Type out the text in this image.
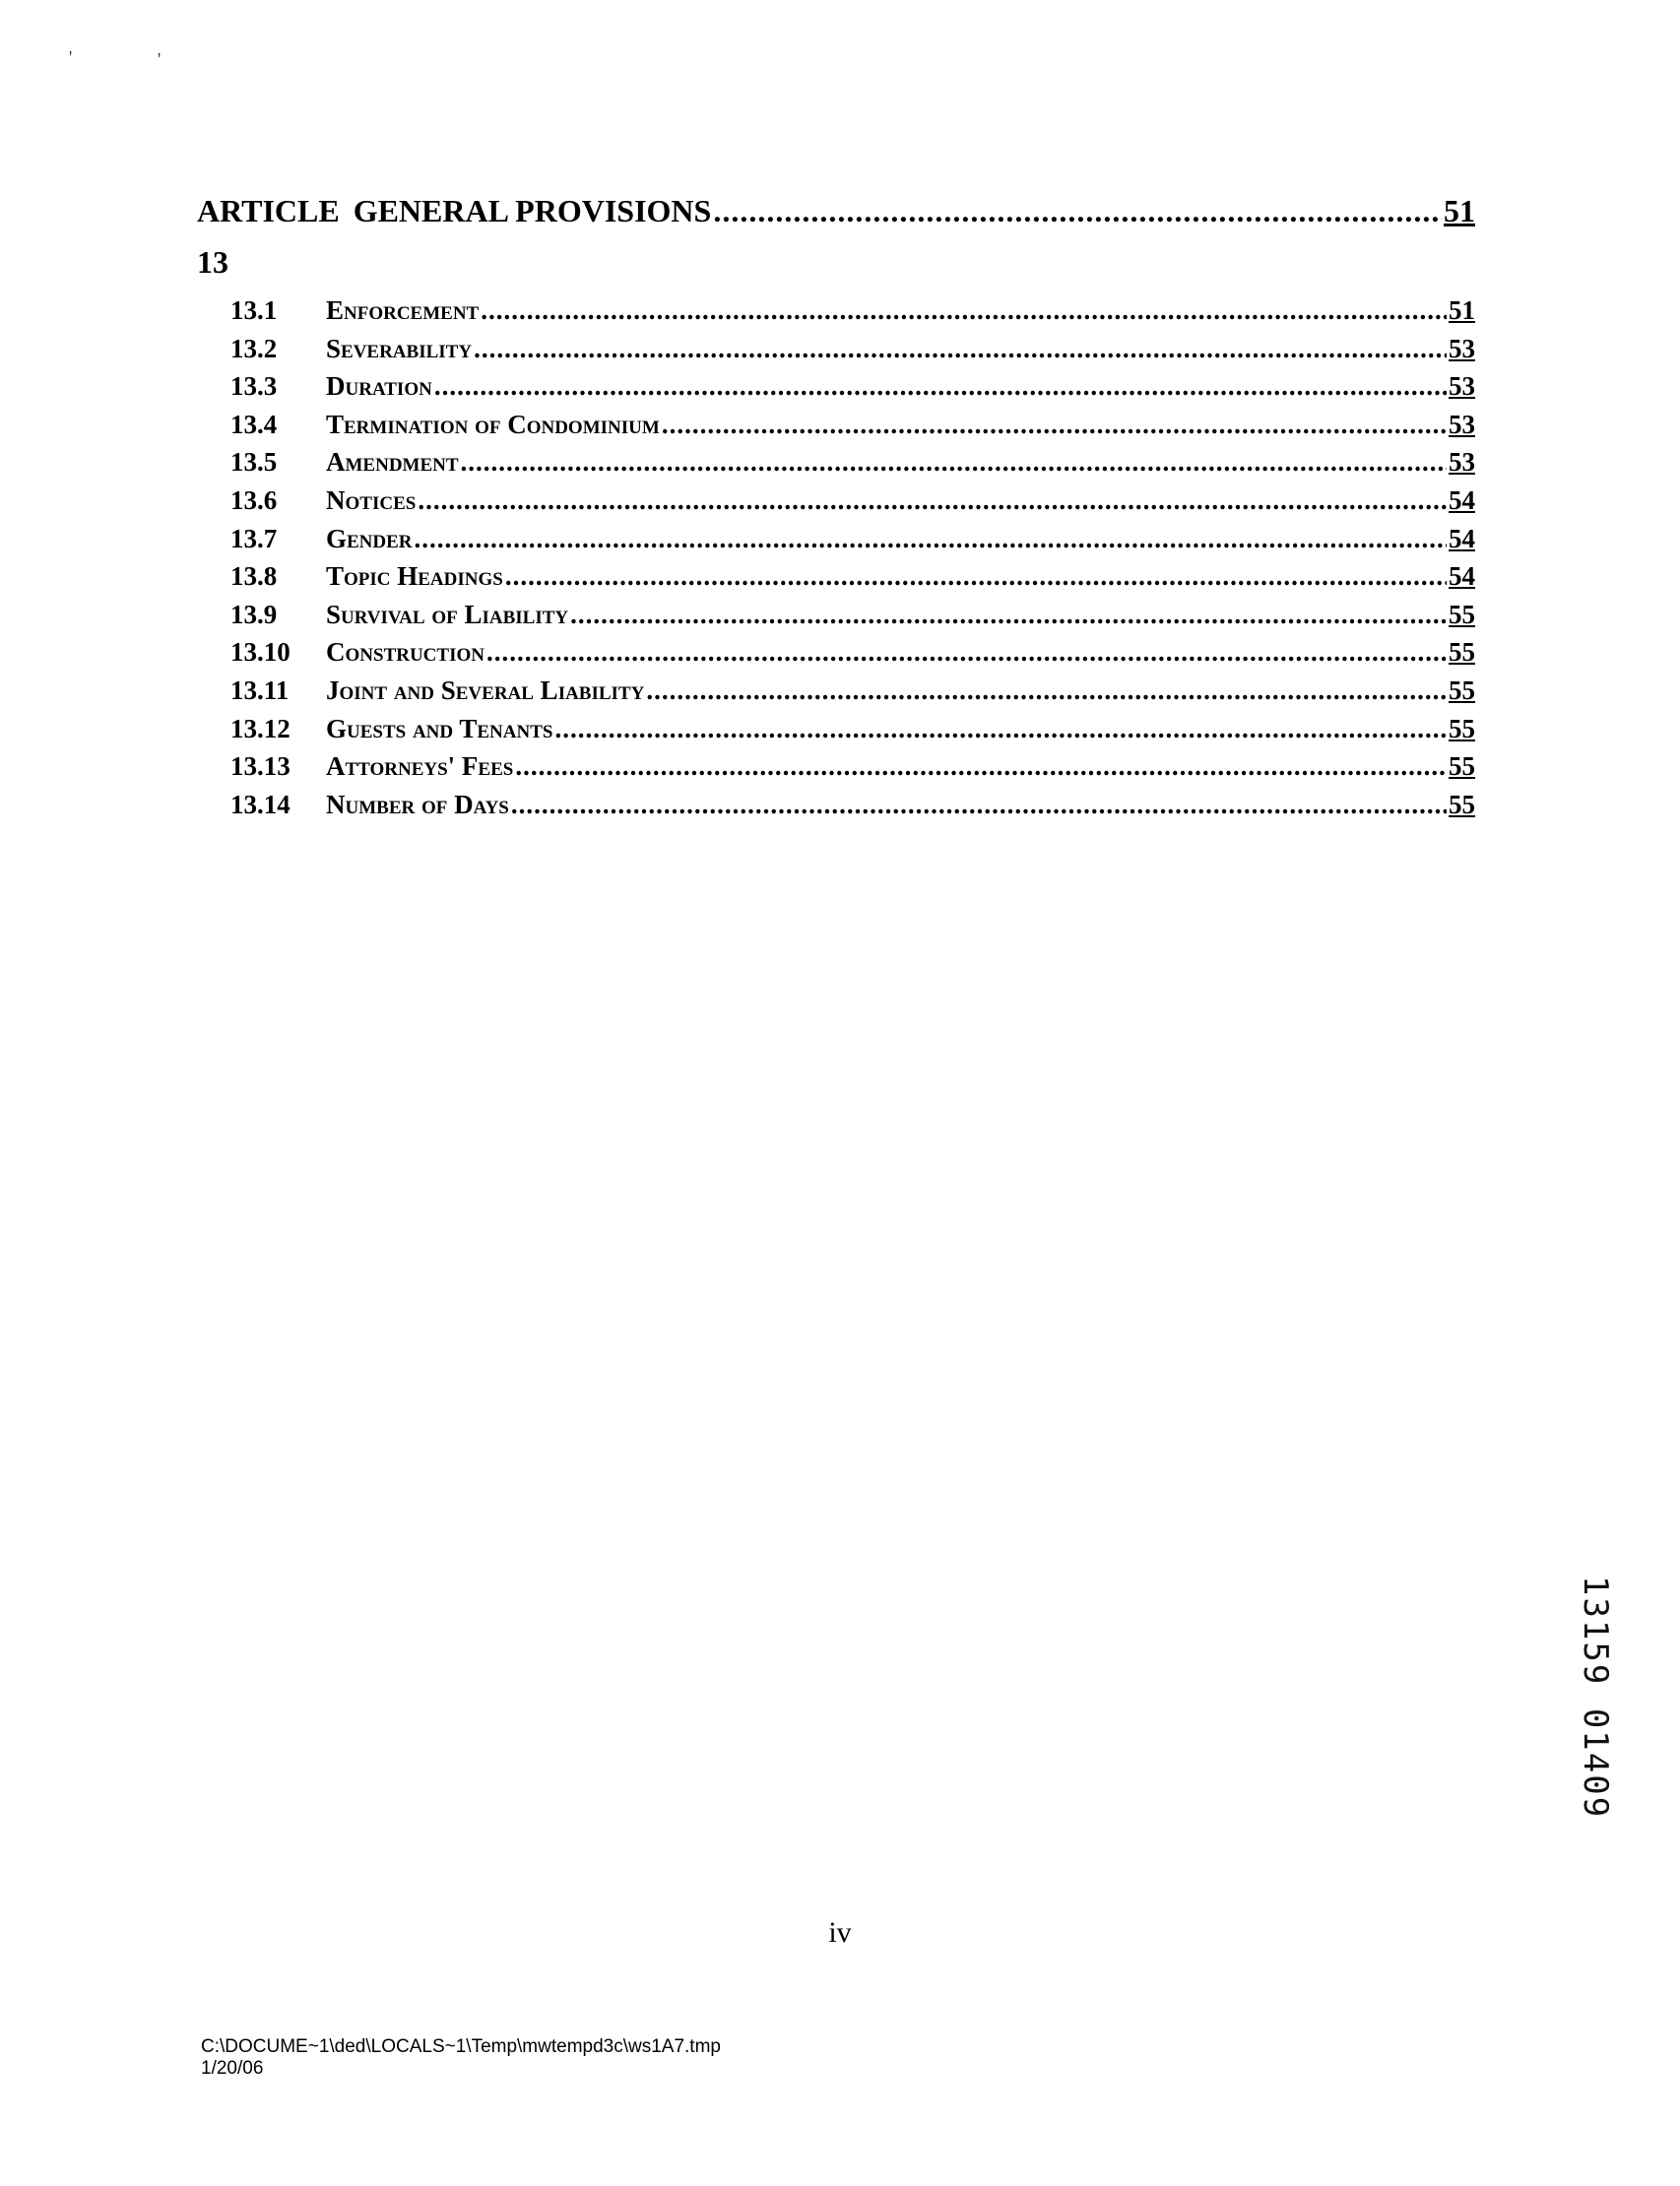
'	'
ARTICLE 13
GENERAL PROVISIONS .....	51
13.1	Enforcement .....	51
13.2	Severability .....	53
13.3	Duration .....	53
13.4	Termination of Condominium .....	53
13.5	Amendment .....	53
13.6	Notices .....	54
13.7	Gender .....	54
13.8	Topic Headings .....	54
13.9	Survival of Liability .....	55
13.10	Construction .....	55
13.11	Joint and Several Liability .....	55
13.12	Guests and Tenants .....	55
13.13	Attorneys' Fees .....	55
13.14	Number of Days .....	55
iv
C:\DOCUME~1\ded\LOCALS~1\Temp\mwtempd3c\ws1A7.tmp
1/20/06
13159 01409
